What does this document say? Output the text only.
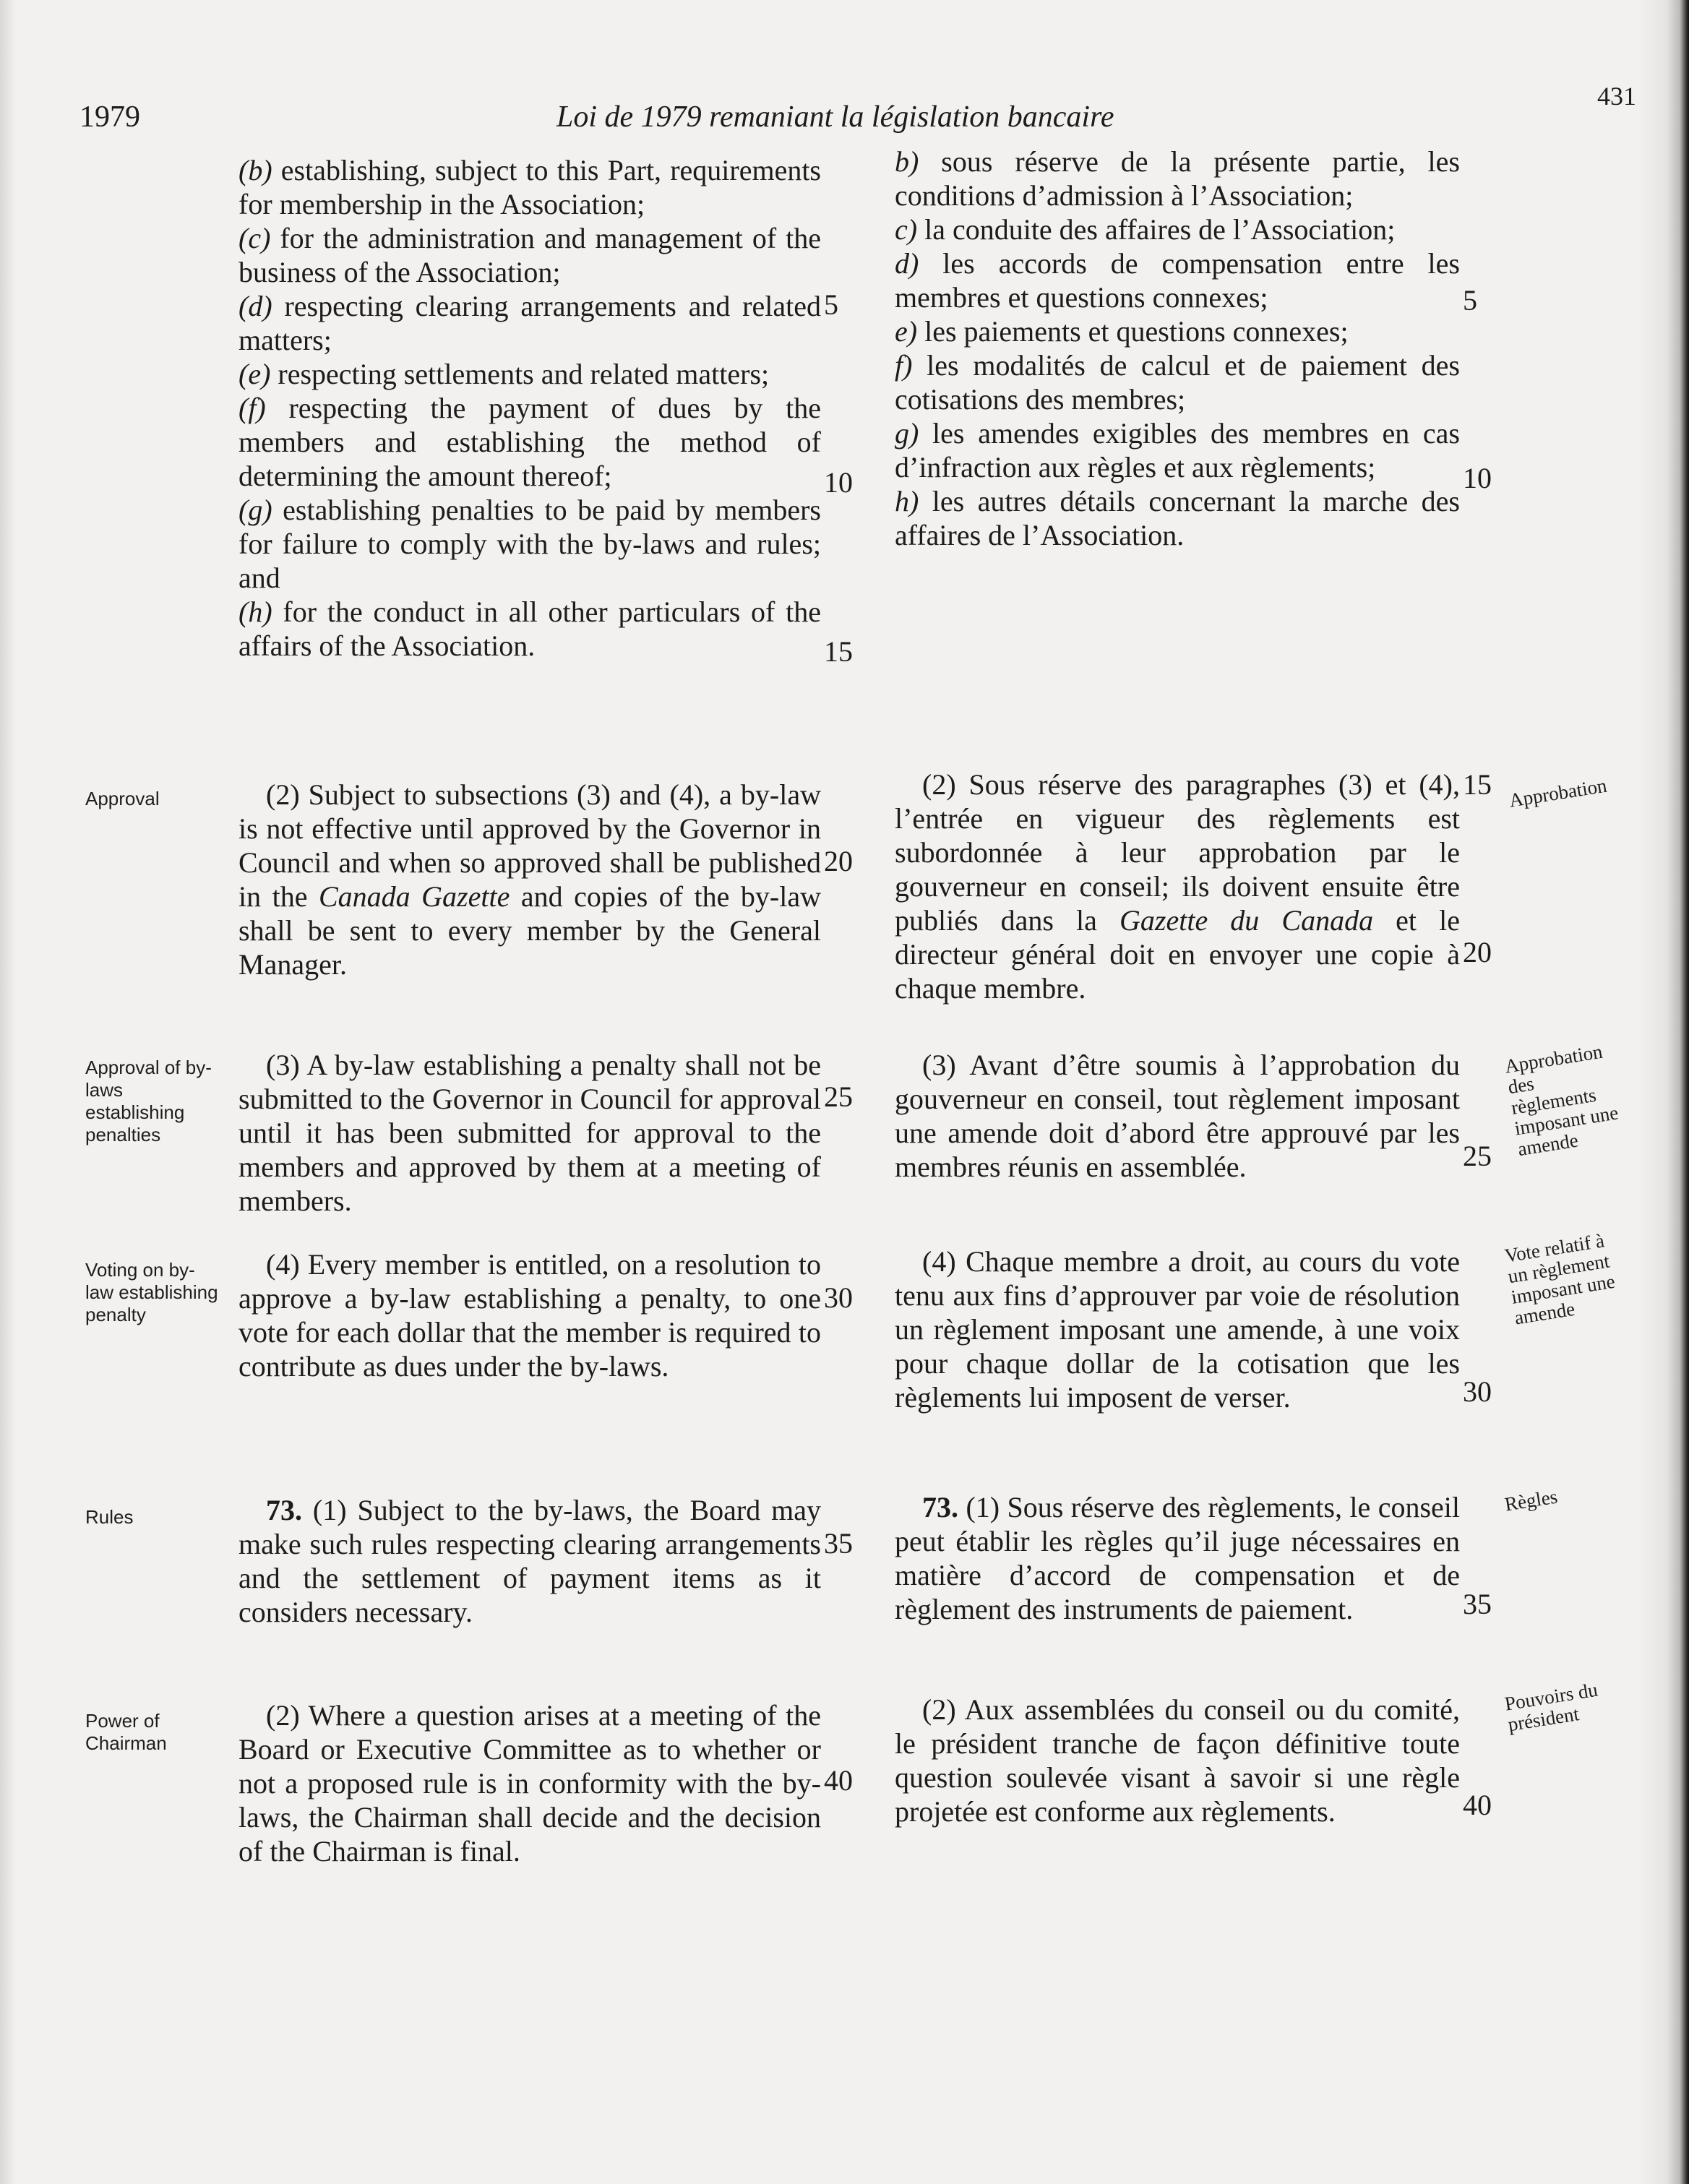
1979	Loi de 1979 remaniant la législation bancaire
431

(b) establishing, subject to this Part, requirements for membership in the Association;

(c) for the administration and management of the business of the Association;

(d) respecting clearing arrangements and related matters;

(e) respecting settlements and related matters;

(f) respecting the payment of dues by the members and establishing the method of determining the amount thereof;

(g) establishing penalties to be paid by members for failure to comply with the by-laws and rules; and

(h) for the conduct in all other particulars of the affairs of the Association.

(2) Subject to subsections (3) and (4), a by-law is not effective until approved by the Governor in Council and when so approved shall be published in the Canada Gazette and copies of the by-law shall be sent to every member by the General Manager.
(3) A by-law establishing a penalty shall not be submitted to the Governor in Council for approval until it has been submitted for approval to the members and approved by them at a meeting of members.
(4) Every member is entitled, on a resolution to approve a by-law establishing a penalty, to one vote for each dollar that the member is required to contribute as dues under the by-laws.
73. (1) Subject to the by-laws, the Board may make such rules respecting clearing arrangements and the settlement of payment items as it considers necessary.
(2) Where a question arises at a meeting of the Board or Executive Committee as to whether or not a proposed rule is in conformity with the by-laws, the Chairman shall decide and the decision of the Chairman is final.

b) sous réserve de la présente partie, les conditions d’admission à l’Association;

c) la conduite des affaires de l’Association;

d) les accords de compensation entre les membres et questions connexes;

e) les paiements et questions connexes;

f) les modalités de calcul et de paiement des cotisations des membres;

g) les amendes exigibles des membres en cas d’infraction aux règles et aux règlements;

h) les autres détails concernant la marche des affaires de l’Association.

(2) Sous réserve des paragraphes (3) et (4), l’entrée en vigueur des règlements est subordonnée à leur approbation par le gouverneur en conseil; ils doivent ensuite être publiés dans la Gazette du Canada et le directeur général doit en envoyer une copie à chaque membre.
(3) Avant d’être soumis à l’approbation du gouverneur en conseil, tout règlement imposant une amende doit d’abord être approuvé par les membres réunis en assemblée.
(4) Chaque membre a droit, au cours du vote tenu aux fins d’approuver par voie de résolution un règlement imposant une amende, à une voix pour chaque dollar de la cotisation que les règlements lui imposent de verser.
73. (1) Sous réserve des règlements, le conseil peut établir les règles qu’il juge nécessaires en matière d’accord de compensation et de règlement des instruments de paiement.
(2) Aux assemblées du conseil ou du comité, le président tranche de façon définitive toute question soulevée visant à savoir si une règle projetée est conforme aux règlements.
5
10
15
20
25
30
35
40
5
10
15
20
25
30
35
40
Approval
Approval of by-laws establishing penalties
Voting on by-law establishing penalty
Rules
Power of Chairman
Approbation
Approbation des règlements imposant une amende
Vote relatif à un règlement imposant une amende
Règles
Pouvoirs du président
